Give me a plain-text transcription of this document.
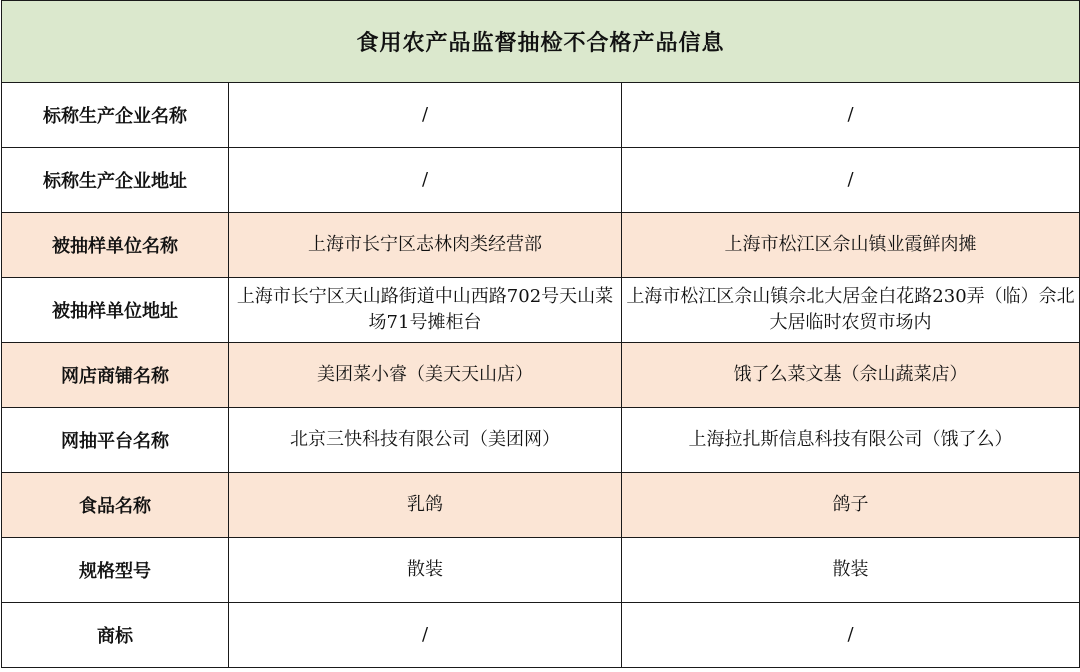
食用农产品监督抽检不合格产品信息		
标称生产企业名称	/	/
标称生产企业地址	/	/
被抽样单位名称	上海市长宁区志林肉类经营部	上海市松江区佘山镇业霞鲜肉摊
被抽样单位地址	上海市长宁区天山路街道中山西路702号天山菜场71号摊柜台	上海市松江区佘山镇佘北大居金白花路230弄（临）佘北大居临时农贸市场内
网店商铺名称	美团菜小睿（美天天山店）	饿了么菜文基（佘山蔬菜店）
网抽平台名称	北京三快科技有限公司（美团网）	上海拉扎斯信息科技有限公司（饿了么）
食品名称	乳鸽	鸽子
规格型号	散装	散装
商标	/	/
